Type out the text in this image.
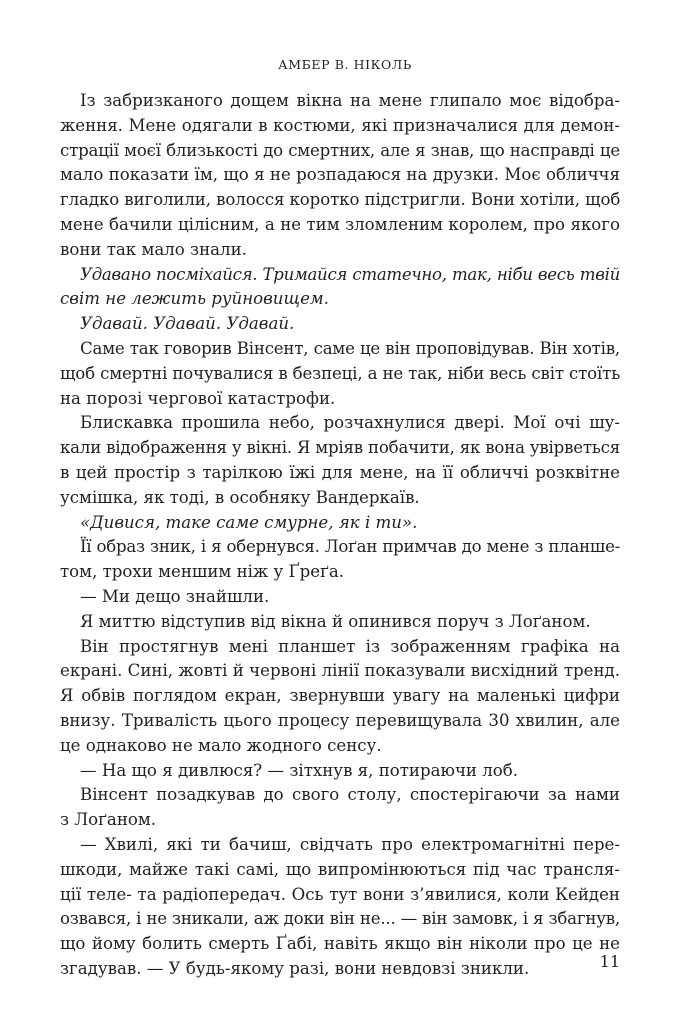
АМБЕР В. НІКОЛЬ
Із забризканого дощем вікна на мене глипало моє відобра-
ження. Мене одягали в костюми, які призначалися для демон-
страції моєї близькості до смертних, але я знав, що насправді це
мало показати їм, що я не розпадаюся на друзки. Моє обличчя
гладко виголили, волосся коротко підстригли. Вони хотіли, щоб
мене бачили цілісним, а не тим зломленим королем, про якого
вони так мало знали.
Удавано посміхайся. Тримайся статечно, так, ніби весь твій
світ не лежить руйновищем.
Удавай. Удавай. Удавай.
Саме так говорив Вінсент, саме це він проповідував. Він хотів,
щоб смертні почувалися в безпеці, а не так, ніби весь світ стоїть
на порозі чергової катастрофи.
Блискавка прошила небо, розчахнулися двері. Мої очі шу-
кали відображення у вікні. Я мріяв побачити, як вона увірветься
в цей простір з тарілкою їжі для мене, на її обличчі розквітне
усмішка, як тоді, в особняку Вандеркаїв.
«Дивися, таке саме смурне, як і ти».
Її образ зник, і я обернувся. Лоґан примчав до мене з планше-
том, трохи меншим ніж у Ґреґа.
— Ми дещо знайшли.
Я миттю відступив від вікна й опинився поруч з Лоґаном.
Він простягнув мені планшет із зображенням графіка на
екрані. Сині, жовті й червоні лінії показували висхідний тренд.
Я обвів поглядом екран, звернувши увагу на маленькі цифри
внизу. Тривалість цього процесу перевищувала 30 хвилин, але
це однаково не мало жодного сенсу.
— На що я дивлюся? — зітхнув я, потираючи лоб.
Вінсент позадкував до свого столу, спостерігаючи за нами
з Лоґаном.
— Хвилі, які ти бачиш, свідчать про електромагнітні пере-
шкоди, майже такі самі, що випромінюються під час трансля-
ції теле- та радіопередач. Ось тут вони з’явилися, коли Кейден
озвався, і не зникали, аж доки він не... — він замовк, і я збагнув,
що йому болить смерть Ґабі, навіть якщо він ніколи про це не
згадував. — У будь-якому разі, вони невдовзі зникли.	11
